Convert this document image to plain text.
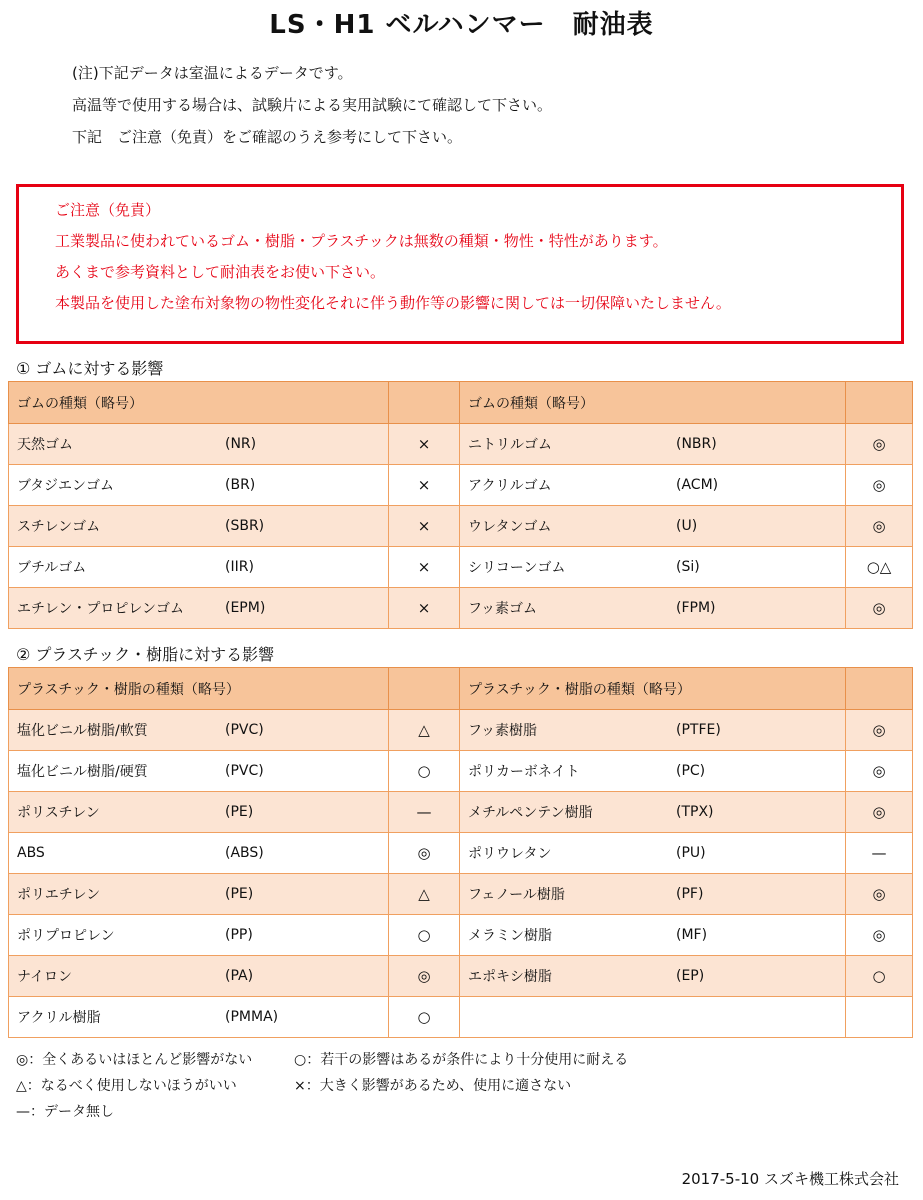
LS・H1 ベルハンマー　耐油表
(注)下記データは室温によるデータです。
高温等で使用する場合は、試験片による実用試験にて確認して下さい。
下記　ご注意（免責）をご確認のうえ参考にして下さい。
ご注意（免責）
工業製品に使われているゴム・樹脂・プラスチックは無数の種類・物性・特性があります。
あくまで参考資料として耐油表をお使い下さい。
本製品を使用した塗布対象物の物性変化それに伴う動作等の影響に関しては一切保障いたしません。
① ゴムに対する影響
ゴムの種類（略号）		ゴムの種類（略号）	
天然ゴム (NR)	×	ニトリルゴム (NBR)	◎
ブタジエンゴム (BR)	×	アクリルゴム (ACM)	◎
スチレンゴム (SBR)	×	ウレタンゴム (U)	◎
ブチルゴム (IIR)	×	シリコーンゴム (Si)	○△
エチレン・プロピレンゴム (EPM)	×	フッ素ゴム (FPM)	◎
② プラスチック・樹脂に対する影響
プラスチック・樹脂の種類（略号）		プラスチック・樹脂の種類（略号）	
塩化ビニル樹脂/軟質 (PVC)	△	フッ素樹脂 (PTFE)	◎
塩化ビニル樹脂/硬質 (PVC)	○	ポリカーボネイト (PC)	◎
ポリスチレン (PE)	—	メチルペンテン樹脂 (TPX)	◎
ABS (ABS)	◎	ポリウレタン (PU)	—
ポリエチレン (PE)	△	フェノール樹脂 (PF)	◎
ポリプロピレン (PP)	○	メラミン樹脂 (MF)	◎
ナイロン (PA)	◎	エポキシ樹脂 (EP)	○
アクリル樹脂 (PMMA)	○	

◎：全くあるいはほとんど影響がない	○：若干の影響はあるが条件により十分使用に耐える
△：なるべく使用しないほうがいい	×：大きく影響があるため、使用に適さない
—：データ無し
2017-5-10 スズキ機工株式会社
